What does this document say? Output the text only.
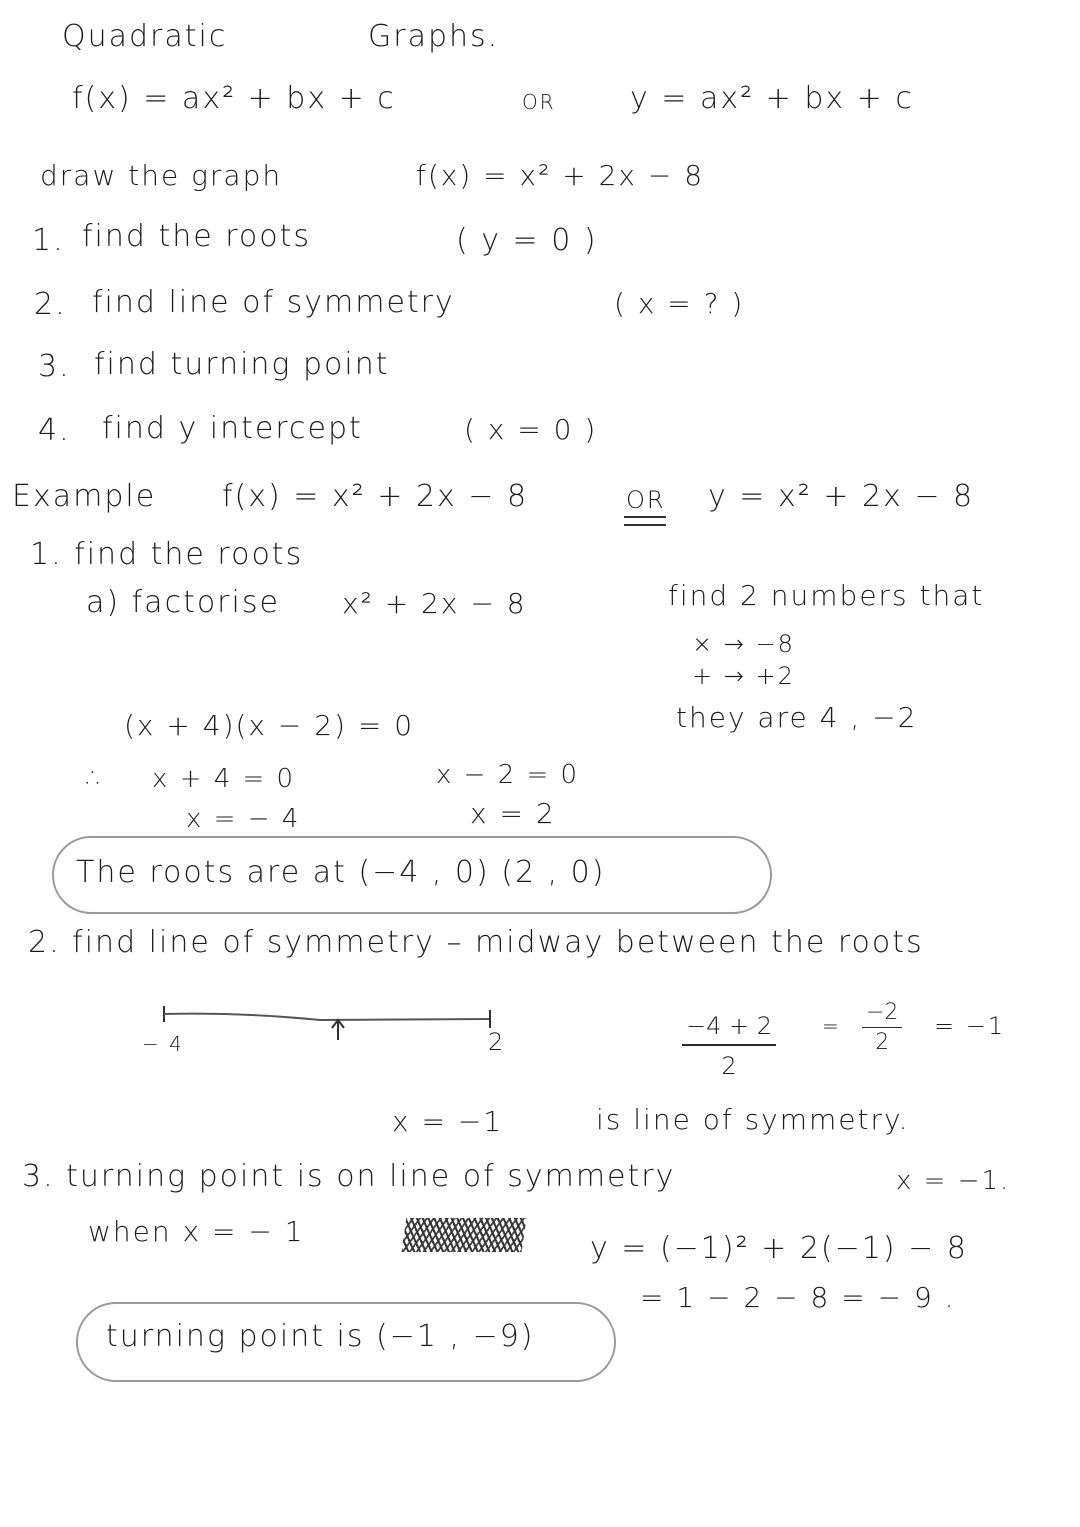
Quadratic	Graphs.
f(x) = ax² + bx + c	OR y = ax² + bx + c
draw the graph	f(x) = x² + 2x − 8
1. find the roots	( y = 0 )
2. find line of symmetry	( x = ? )
3. find turning point
4. find y intercept	( x = 0 )
Example f(x) = x² + 2x − 8	OR y = x² + 2x − 8
1. find the roots
a) factorise x² + 2x − 8	find 2 numbers that
× → −8
+ → +2
they are 4 , −2
(x + 4)(x − 2) = 0
∴ x + 4 = 0
x = − 4
x − 2 = 0
x = 2
The roots are at (−4 , 0) (2 , 0)
2. find line of symmetry – midway between the roots
− 4	2	$\frac{-4 + 2}{2} = \frac{-2}{2} = -1$
x = −1	is line of symmetry.
3. turning point is on line of symmetry	x = −1.
when x = − 1	y = (−1)² + 2(−1) − 8
= 1 − 2 − 8 = − 9 .
turning point is (−1 , −9)
